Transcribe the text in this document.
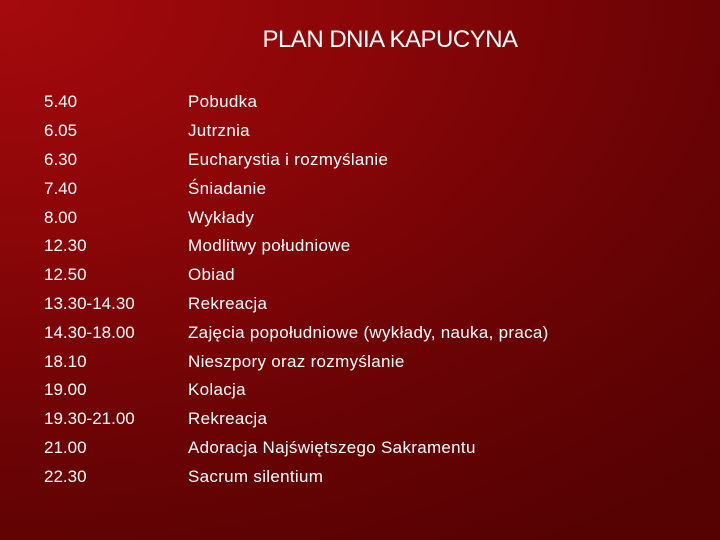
PLAN DNIA KAPUCYNA
5.40	Pobudka
6.05	Jutrznia
6.30	Eucharystia i rozmyślanie
7.40	Śniadanie
8.00	Wykłady
12.30	Modlitwy południowe
12.50	Obiad
13.30-14.30	Rekreacja
14.30-18.00	Zajęcia popołudniowe (wykłady, nauka, praca)
18.10	Nieszpory oraz rozmyślanie
19.00	Kolacja
19.30-21.00	Rekreacja
21.00	Adoracja Najświętszego Sakramentu
22.30	Sacrum silentium
